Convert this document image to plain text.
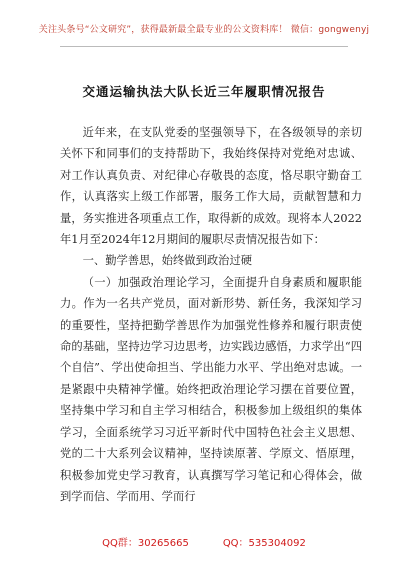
关注头条号“公文研究”，获得最新最全最专业的公文资料库！ 微信：gongwenyj
交通运输执法大队长近三年履职情况报告

近年来，在支队党委的坚强领导下，在各级领导的亲切关怀下和同事们的支持帮助下，我始终保持对党绝对忠诚、对工作认真负责、对纪律心存敬畏的态度，恪尽职守勤奋工作，认真落实上级工作部署，服务工作大局，贡献智慧和力量，务实推进各项重点工作，取得新的成效。现将本人2022年1月至2024年12月期间的履职尽责情况报告如下：

一、勤学善思，始终做到政治过硬

（一）加强政治理论学习，全面提升自身素质和履职能力。作为一名共产党员，面对新形势、新任务，我深知学习的重要性，坚持把勤学善思作为加强党性修养和履行职责使命的基础，坚持边学习边思考，边实践边感悟，力求学出“四个自信”、学出使命担当、学出能力水平、学出绝对忠诚。一是紧跟中央精神学懂。始终把政治理论学习摆在首要位置，坚持集中学习和自主学习相结合，积极参加上级组织的集体学习，全面系统学习习近平新时代中国特色社会主义思想、党的二十大系列会议精神，坚持读原著、学原文、悟原理，积极参加党史学习教育，认真撰写学习笔记和心得体会，做到学而信、学而用、学而行

QQ群：30265665	QQ：535304092
